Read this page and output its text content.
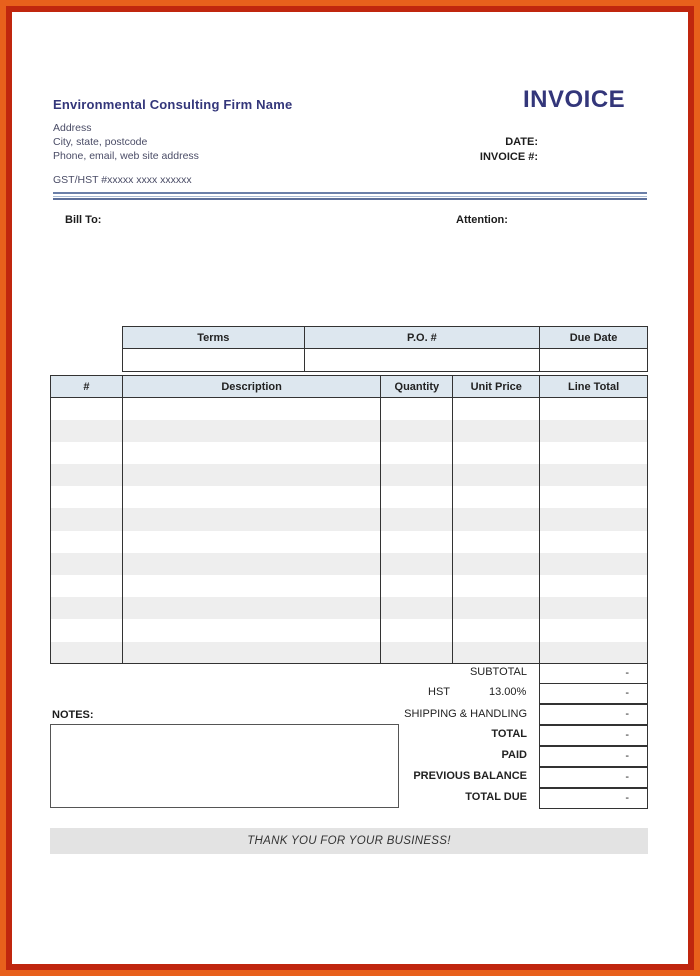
Environmental Consulting Firm Name	INVOICE
Address
City, state, postcode
Phone, email, web site address
GST/HST #xxxxx xxxx xxxxxx
DATE:
INVOICE #:
Bill To:	Attention:
Terms	P.O. #	Due Date

#	Description	Quantity	Unit Price	Line Total

SUBTOTAL	-
HST	13.00%	-
SHIPPING & HANDLING	-
TOTAL	-
PAID	-
PREVIOUS BALANCE	-
TOTAL DUE	-
NOTES:
THANK YOU FOR YOUR BUSINESS!
